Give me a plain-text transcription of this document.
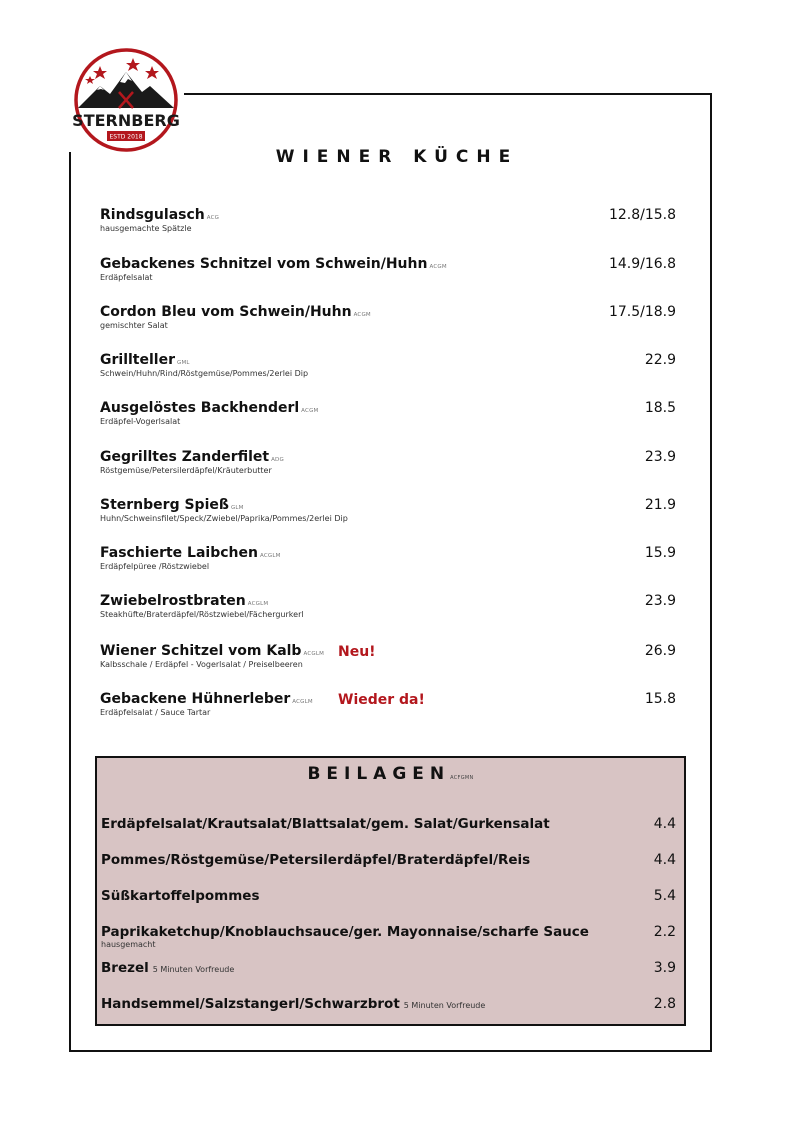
STERNBERG
ESTD 2018
WIENER KÜCHE
Rindsgulasch ACG
hausgemachte Spätzle
12.8/15.8
Gebackenes Schnitzel vom Schwein/Huhn ACGM
Erdäpfelsalat
14.9/16.8
Cordon Bleu vom Schwein/Huhn ACGM
gemischter Salat
17.5/18.9
Grillteller GML
Schwein/Huhn/Rind/Röstgemüse/Pommes/2erlei Dip
22.9
Ausgelöstes Backhenderl ACGM
Erdäpfel-Vogerlsalat
18.5
Gegrilltes Zanderfilet ADG
Röstgemüse/Petersilerdäpfel/Kräuterbutter
23.9
Sternberg Spieß GLM
Huhn/Schweinsfilet/Speck/Zwiebel/Paprika/Pommes/2erlei Dip
21.9
Faschierte Laibchen ACGLM
Erdäpfelpüree /Röstzwiebel
15.9
Zwiebelrostbraten ACGLM
Steakhüfte/Braterdäpfel/Röstzwiebel/Fächergurkerl
23.9
Wiener Schitzel vom Kalb ACGLM Neu!
Kalbsschale / Erdäpfel - Vogerlsalat / Preiselbeeren
26.9
Gebackene Hühnerleber ACGLM	Wieder da!
Erdäpfelsalat / Sauce Tartar
15.8
BEILAGENACFGMN
Erdäpfelsalat/Krautsalat/Blattsalat/gem. Salat/Gurkensalat	4.4
Pommes/Röstgemüse/Petersilerdäpfel/Braterdäpfel/Reis	4.4
Süßkartoffelpommes	5.4
Paprikaketchup/Knoblauchsauce/ger. Mayonnaise/scharfe Sauce
hausgemacht
2.2
Brezel 5 Minuten Vorfreude	3.9
Handsemmel/Salzstangerl/Schwarzbrot 5 Minuten Vorfreude	2.8
